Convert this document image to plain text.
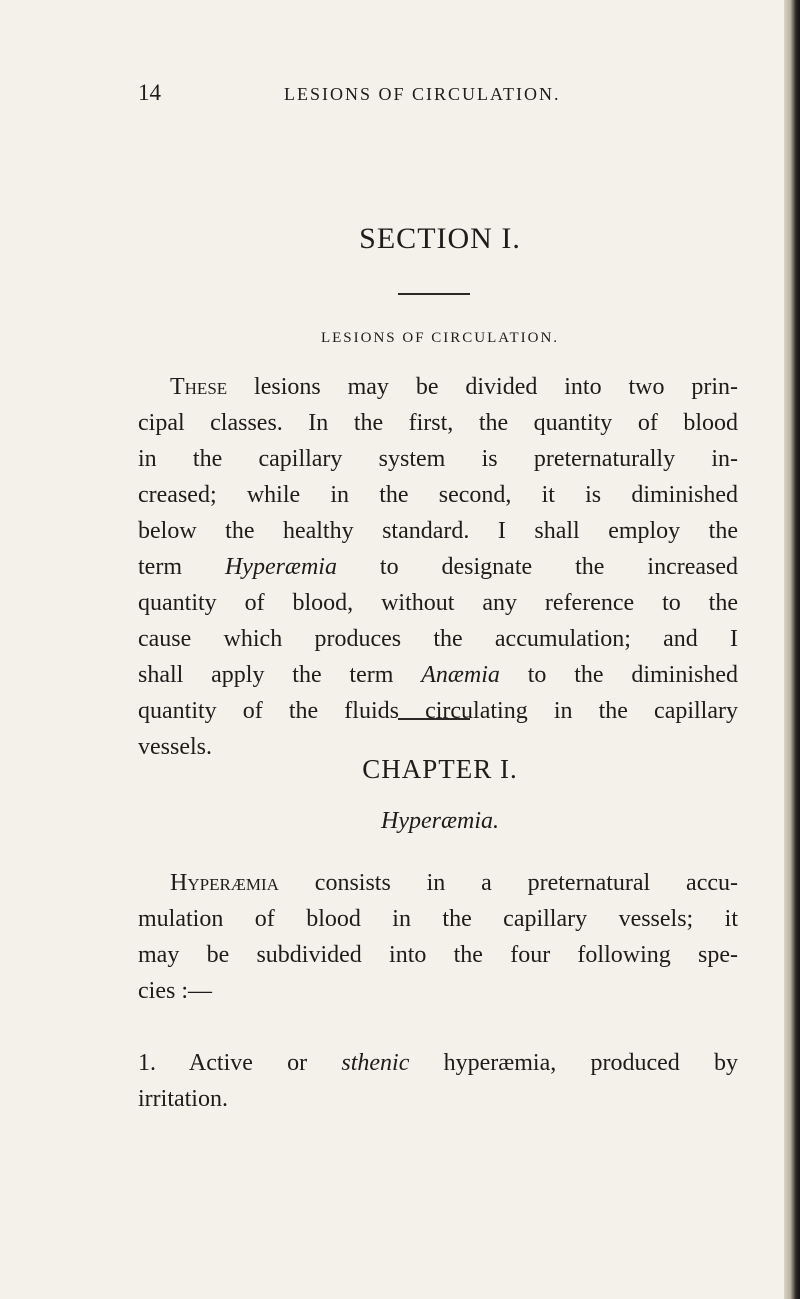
14	LESIONS OF CIRCULATION.
SECTION I.
LESIONS OF CIRCULATION.
These lesions may be divided into two prin-
cipal classes. In the first, the quantity of blood
in the capillary system is preternaturally in-
creased; while in the second, it is diminished
below the healthy standard. I shall employ the
term Hyperæmia to designate the increased
quantity of blood, without any reference to the
cause which produces the accumulation; and I
shall apply the term Anæmia to the diminished
quantity of the fluids circulating in the capillary
vessels.
CHAPTER I.
Hyperæmia.
Hyperæmia consists in a preternatural accu-
mulation of blood in the capillary vessels; it
may be subdivided into the four following spe-
cies :—
1. Active or sthenic hyperæmia, produced by
irritation.
